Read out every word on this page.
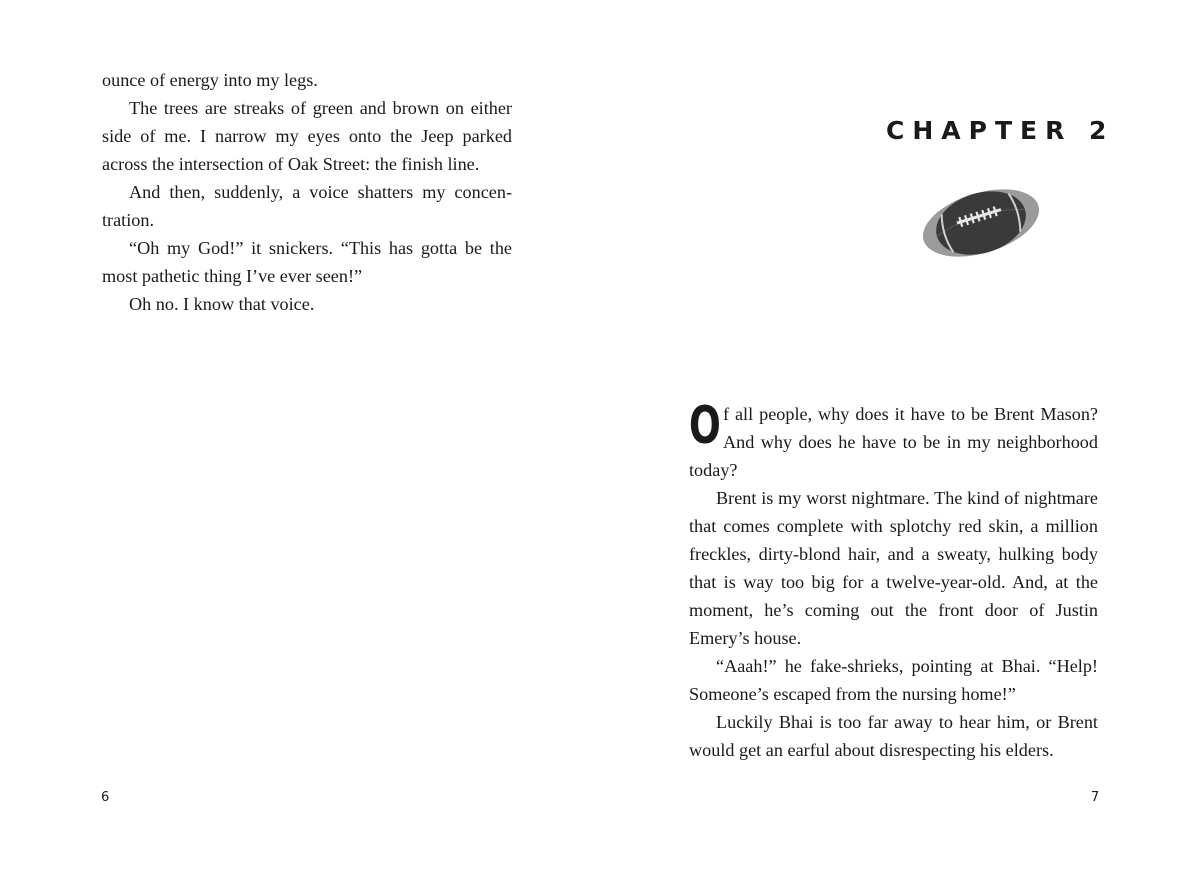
ounce of energy into my legs.

The trees are streaks of green and brown on either side of me. I narrow my eyes onto the Jeep parked across the intersection of Oak Street: the finish line.

And then, suddenly, a voice shatters my concentration.

“Oh my God!” it snickers. “This has gotta be the most pathetic thing I’ve ever seen!”

Oh no. I know that voice.

6
CHAPTER 2

Of all people, why does it have to be Brent Mason? And why does he have to be in my neighborhood today?

Brent is my worst nightmare. The kind of nightmare that comes complete with splotchy red skin, a million freckles, dirty-blond hair, and a sweaty, hulking body that is way too big for a twelve-year-old. And, at the moment, he’s coming out the front door of Justin Emery’s house.

“Aaah!” he fake-shrieks, pointing at Bhai. “Help! Someone’s escaped from the nursing home!”

Luckily Bhai is too far away to hear him, or Brent would get an earful about disrespecting his elders.

7
